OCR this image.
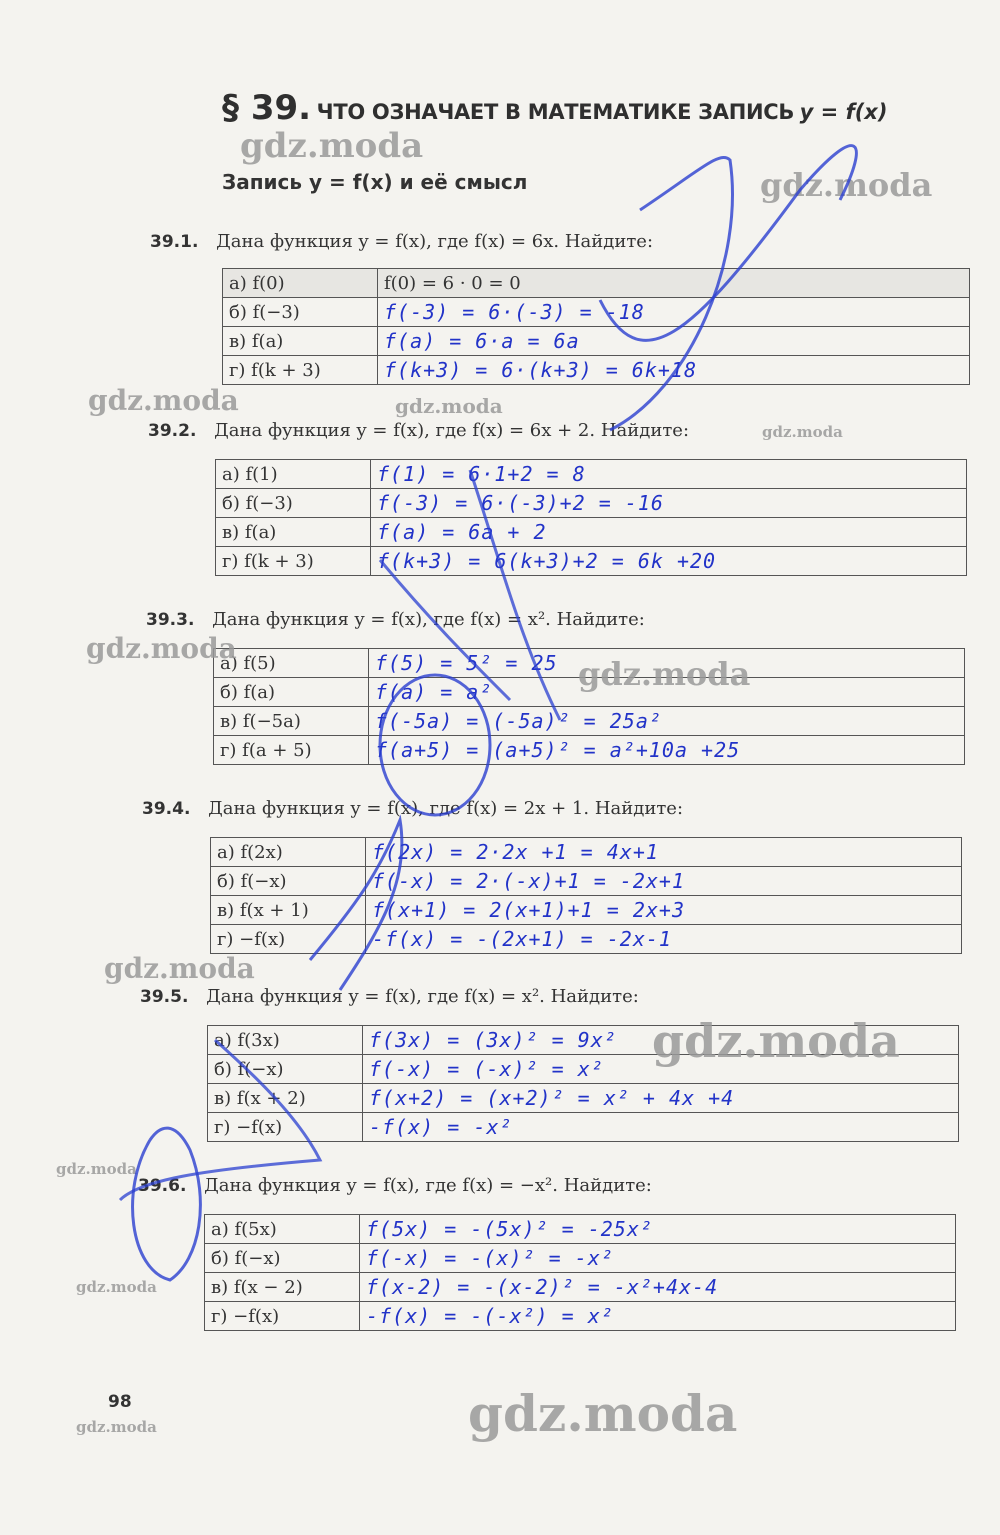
§ 39. ЧТО ОЗНАЧАЕТ В МАТЕМАТИКЕ ЗАПИСЬ y = f(x)
Запись y = f(x) и её смысл
39.1. Дана функция y = f(x), где f(x) = 6x. Найдите:
а) f(0)	f(0) = 6 · 0 = 0
б) f(−3)	f(-3) = 6·(-3) = -18
в) f(a)	f(a) = 6·a = 6a
г) f(k + 3)	f(k+3) = 6·(k+3) = 6k+18
39.2. Дана функция y = f(x), где f(x) = 6x + 2. Найдите:
а) f(1)	f(1) = 6·1+2 = 8
б) f(−3)	f(-3) = 6·(-3)+2 = -16
в) f(a)	f(a) = 6a + 2
г) f(k + 3)	f(k+3) = 6(k+3)+2 = 6k +20
39.3. Дана функция y = f(x), где f(x) = x². Найдите:
а) f(5)	f(5) = 5² = 25
б) f(a)	f(a) = a²
в) f(−5a)	f(-5a) = (-5a)² = 25a²
г) f(a + 5)	f(a+5) = (a+5)² = a²+10a +25
39.4. Дана функция y = f(x), где f(x) = 2x + 1. Найдите:
а) f(2x)	f(2x) = 2·2x +1 = 4x+1
б) f(−x)	f(-x) = 2·(-x)+1 = -2x+1
в) f(x + 1)	f(x+1) = 2(x+1)+1 = 2x+3
г) −f(x)	-f(x) = -(2x+1) = -2x-1
39.5. Дана функция y = f(x), где f(x) = x². Найдите:
а) f(3x)	f(3x) = (3x)² = 9x²
б) f(−x)	f(-x) = (-x)² = x²
в) f(x + 2)	f(x+2) = (x+2)² = x² + 4x +4
г) −f(x)	-f(x) = -x²
39.6. Дана функция y = f(x), где f(x) = −x². Найдите:
а) f(5x)	f(5x) = -(5x)² = -25x²
б) f(−x)	f(-x) = -(x)² = -x²
в) f(x − 2)	f(x-2) = -(x-2)² = -x²+4x-4
г) −f(x)	-f(x) = -(-x²) = x²
98
gdz.moda
gdz.moda
gdz.moda	gdz.moda
gdz.moda
gdz.moda
gdz.moda
gdz.moda
gdz.moda
gdz.moda
gdz.moda
gdz.moda	gdz.moda
